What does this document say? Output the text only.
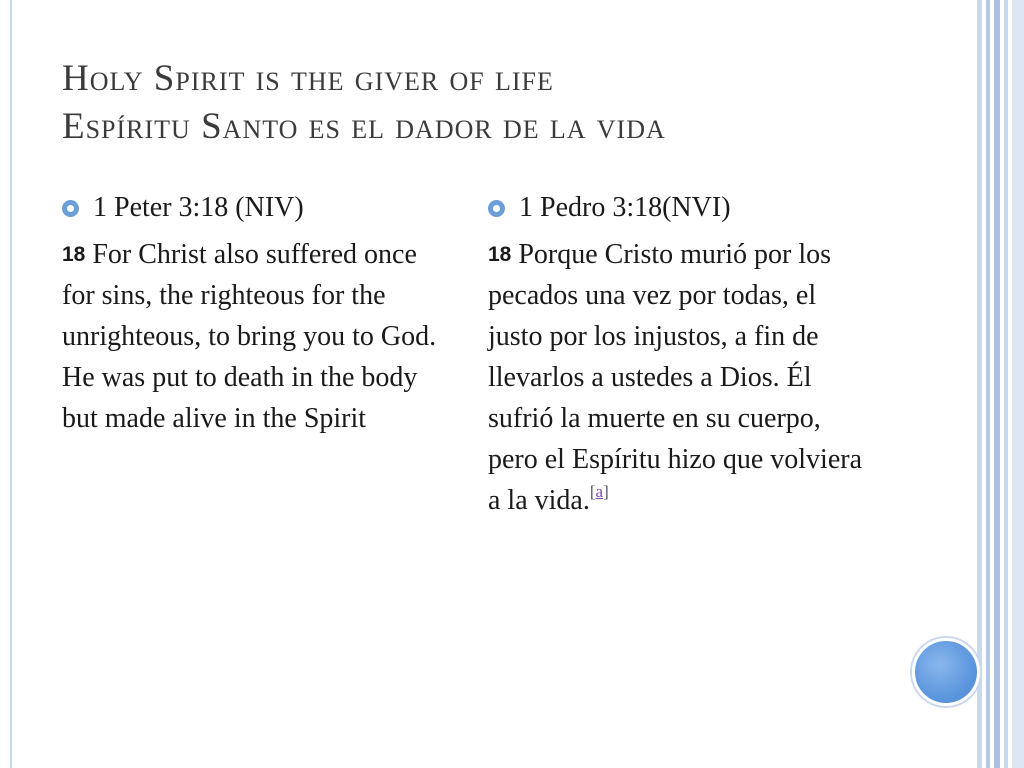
Holy Spirit is the giver of life
Espíritu Santo es el dador de la vida
1 Peter 3:18 (NIV)

$^{18}$ For Christ also suffered once for sins, the righteous for the unrighteous, to bring you to God. He was put to death in the body but made alive in the Spirit

1 Pedro 3:18(NVI)

$^{18}$ Porque Cristo murió por los pecados una vez por todas, el justo por los injustos, a fin de llevarlos a ustedes a Dios. Él sufrió la muerte en su cuerpo, pero el Espíritu hizo que volviera a la vida.[a]
